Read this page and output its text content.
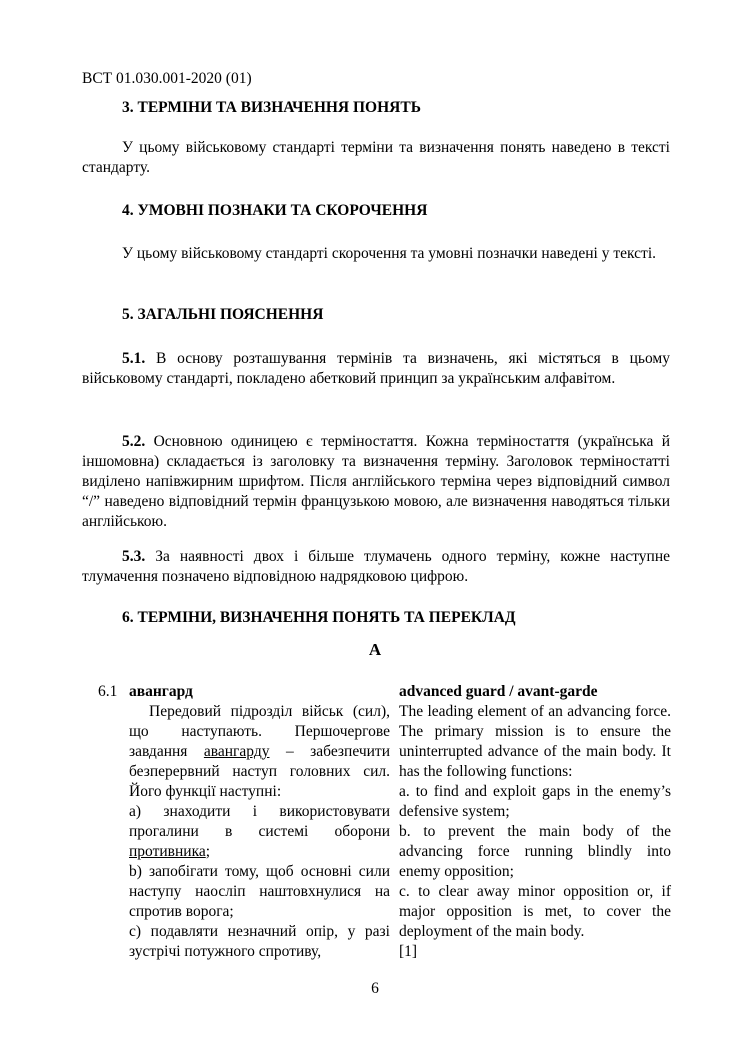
ВСТ 01.030.001-2020 (01)
3. ТЕРМІНИ ТА ВИЗНАЧЕННЯ ПОНЯТЬ
У цьому військовому стандарті терміни та визначення понять наведено в тексті стандарту.
4. УМОВНІ ПОЗНАКИ ТА СКОРОЧЕННЯ
У цьому військовому стандарті скорочення та умовні позначки наведені у тексті.
5. ЗАГАЛЬНІ ПОЯСНЕННЯ
5.1. В основу розташування термінів та визначень, які містяться в цьому військовому стандарті, покладено абетковий принцип за українським алфавітом.
5.2. Основною одиницею є терміностаття. Кожна терміностаття (українська й іншомовна) складається із заголовку та визначення терміну. Заголовок терміностатті виділено напівжирним шрифтом. Після англійського терміна через відповідний символ “/” наведено відповідний термін французькою мовою, але визначення наводяться тільки англійською.
5.3. За наявності двох і більше тлумачень одного терміну, кожне наступне тлумачення позначено відповідною надрядковою цифрою.
6. ТЕРМІНИ, ВИЗНАЧЕННЯ ПОНЯТЬ ТА ПЕРЕКЛАД
А
6.1 авангард

Передовий підрозділ військ (сил), що наступають. Першочергове завдання авангарду – забезпечити безперервний наступ головних сил. Його функції наступні:

а) знаходити і використовувати прогалини в системі оборони противника;

b) запобігати тому, щоб основні сили наступу наосліп наштовхнулися на спротив ворога;

c) подавляти незначний опір, у разі зустрічі потужного спротиву,

advanced guard / avant-garde

The leading element of an advancing force. The primary mission is to ensure the uninterrupted advance of the main body. It has the following functions:

a. to find and exploit gaps in the enemy’s defensive system;

b. to prevent the main body of the advancing force running blindly into enemy opposition;

c. to clear away minor opposition or, if major opposition is met, to cover the deployment of the main body.

[1]

6
